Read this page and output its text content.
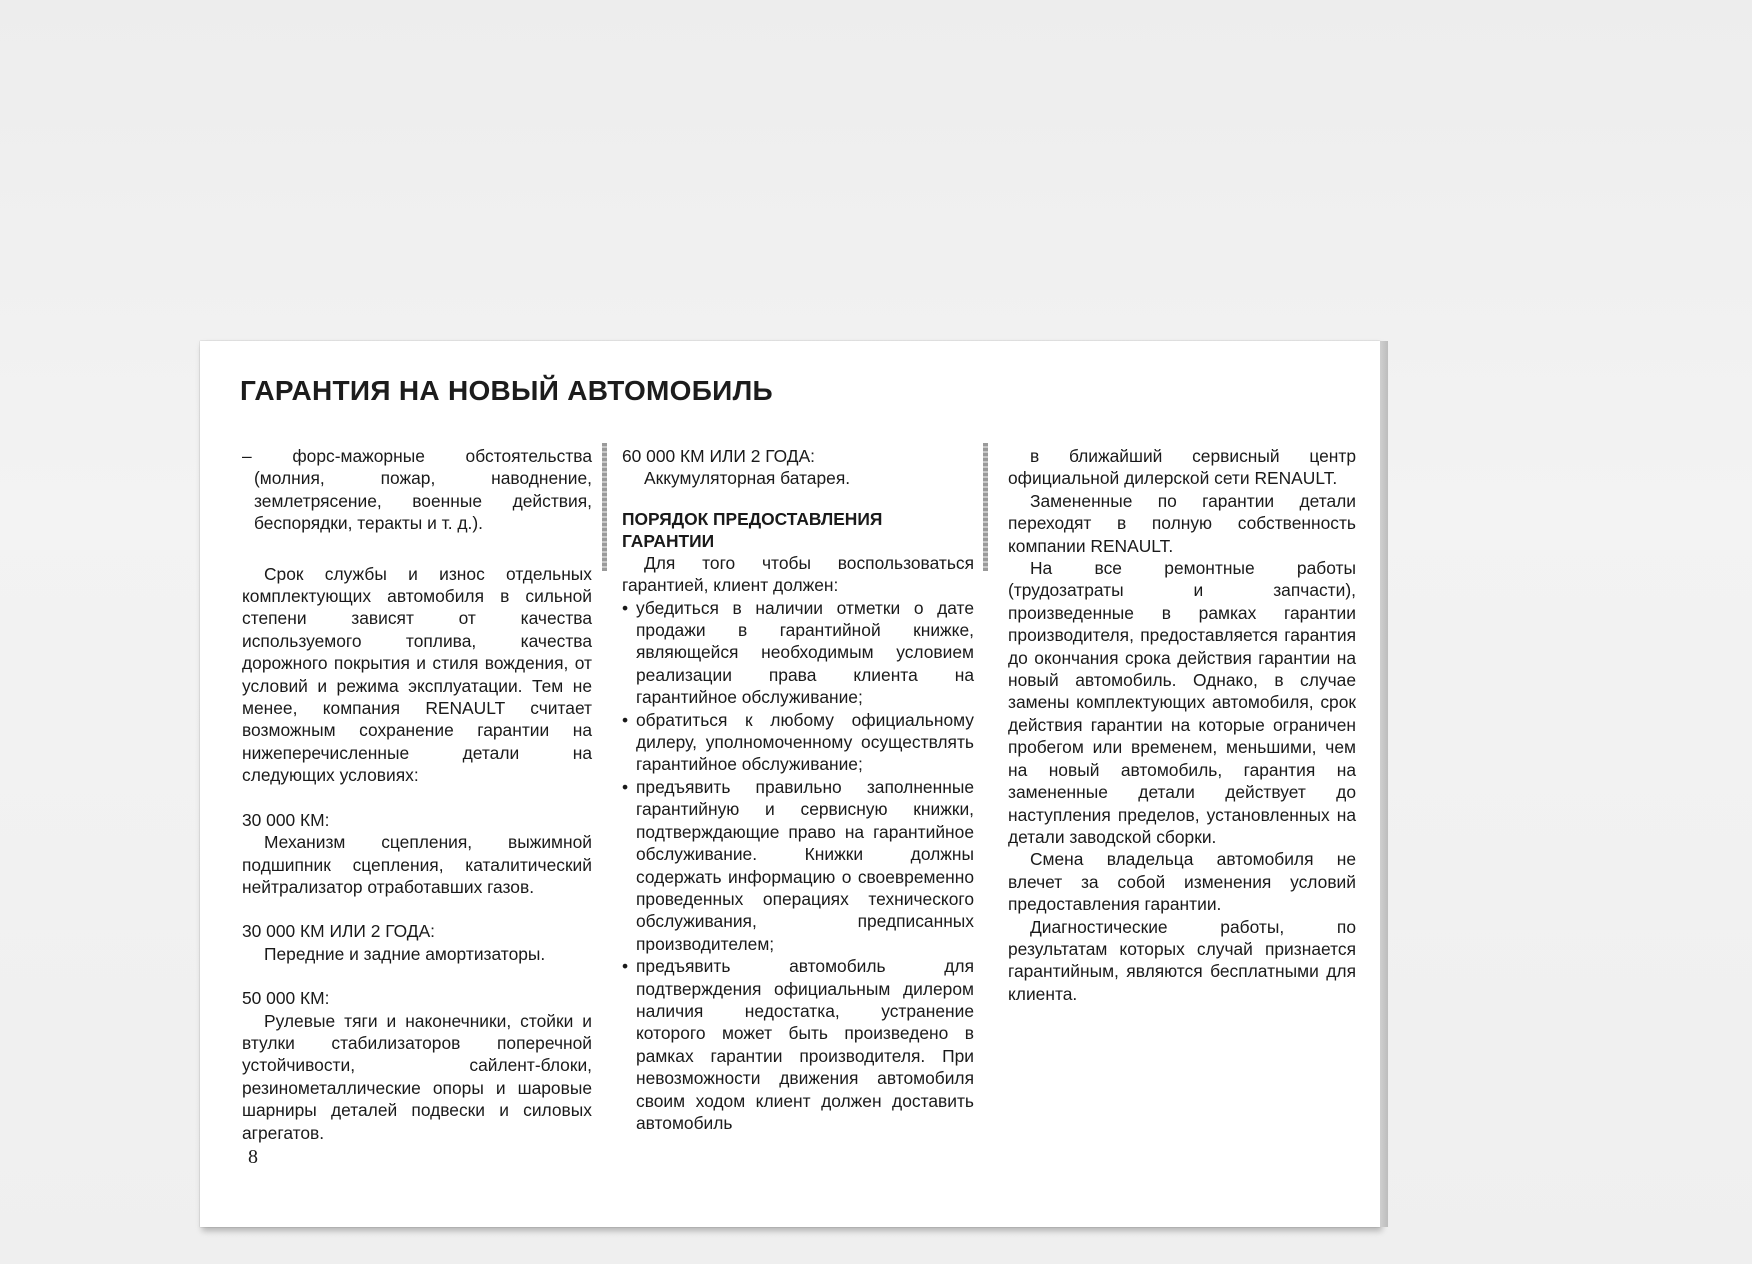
ГАРАНТИЯ НА НОВЫЙ АВТОМОБИЛЬ

– форс-мажорные обстоятельства (молния, пожар, наводнение, землетрясение, военные действия, беспорядки, теракты и т. д.).

Срок службы и износ отдельных комплектующих автомобиля в сильной степени зависят от качества используемого топлива, качества дорожного покрытия и стиля вождения, от условий и режима эксплуатации. Тем не менее, компания RENAULT считает возможным сохранение гарантии на нижеперечисленные детали на следующих условиях:

30 000 КМ:

Механизм сцепления, выжимной подшипник сцепления, каталитический нейтрализатор отработавших газов.

30 000 КМ ИЛИ 2 ГОДА:

Передние и задние амортизаторы.

50 000 КМ:

Рулевые тяги и наконечники, стойки и втулки стабилизаторов поперечной устойчивости, сайлент-блоки, резинометаллические опоры и шаровые шарниры деталей подвески и силовых агрегатов.

60 000 КМ ИЛИ 2 ГОДА:

Аккумуляторная батарея.

ПОРЯДОК ПРЕДОСТАВЛЕНИЯ ГАРАНТИИ

Для того чтобы воспользоваться гарантией, клиент должен:

• убедиться в наличии отметки о дате продажи в гарантийной книжке, являющейся необходимым условием реализации права клиента на гарантийное обслуживание;
• обратиться к любому официальному дилеру, уполномоченному осуществлять гарантийное обслуживание;
• предъявить правильно заполненные гарантийную и сервисную книжки, подтверждающие право на гарантийное обслуживание. Книжки должны содержать информацию о своевременно проведенных операциях технического обслуживания, предписанных производителем;
• предъявить автомобиль для подтверждения официальным дилером наличия недостатка, устранение которого может быть произведено в рамках гарантии производителя. При невозможности движения автомобиля своим ходом клиент должен доставить автомобиль

в ближайший сервисный центр официальной дилерской сети RENAULT.

Замененные по гарантии детали переходят в полную собственность компании RENAULT.

На все ремонтные работы (трудозатраты и запчасти), произведенные в рамках гарантии производителя, предоставляется гарантия до окончания срока действия гарантии на новый автомобиль. Однако, в случае замены комплектующих автомобиля, срок действия гарантии на которые ограничен пробегом или временем, меньшими, чем на новый автомобиль, гарантия на замененные детали действует до наступления пределов, установленных на детали заводской сборки.

Смена владельца автомобиля не влечет за собой изменения условий предоставления гарантии.

Диагностические работы, по результатам которых случай признается гарантийным, являются бесплатными для клиента.

8
